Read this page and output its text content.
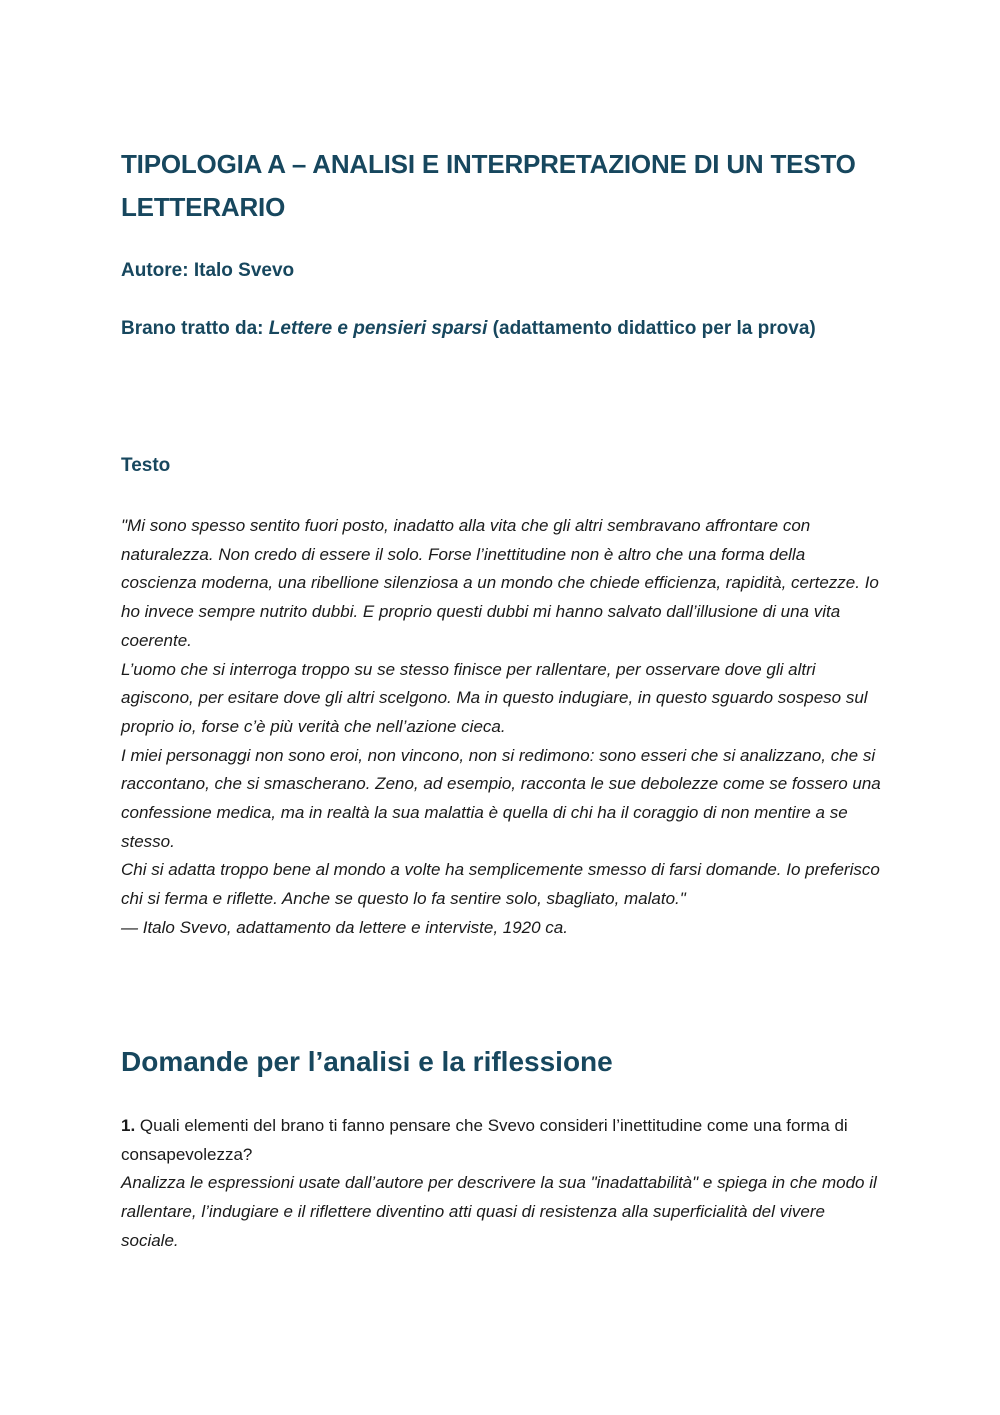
TIPOLOGIA A – ANALISI E INTERPRETAZIONE DI UN TESTO LETTERARIO

Autore: Italo Svevo

Brano tratto da: Lettere e pensieri sparsi (adattamento didattico per la prova)

Testo
"Mi sono spesso sentito fuori posto, inadatto alla vita che gli altri sembravano affrontare con naturalezza. Non credo di essere il solo. Forse l’inettitudine non è altro che una forma della coscienza moderna, una ribellione silenziosa a un mondo che chiede efficienza, rapidità, certezze. Io ho invece sempre nutrito dubbi. E proprio questi dubbi mi hanno salvato dall’illusione di una vita coerente.
L’uomo che si interroga troppo su se stesso finisce per rallentare, per osservare dove gli altri agiscono, per esitare dove gli altri scelgono. Ma in questo indugiare, in questo sguardo sospeso sul proprio io, forse c’è più verità che nell’azione cieca.
I miei personaggi non sono eroi, non vincono, non si redimono: sono esseri che si analizzano, che si raccontano, che si smascherano. Zeno, ad esempio, racconta le sue debolezze come se fossero una confessione medica, ma in realtà la sua malattia è quella di chi ha il coraggio di non mentire a se stesso.
Chi si adatta troppo bene al mondo a volte ha semplicemente smesso di farsi domande. Io preferisco chi si ferma e riflette. Anche se questo lo fa sentire solo, sbagliato, malato."
— Italo Svevo, adattamento da lettere e interviste, 1920 ca.
Domande per l’analisi e la riflessione
1. Quali elementi del brano ti fanno pensare che Svevo consideri l’inettitudine come una forma di consapevolezza?
Analizza le espressioni usate dall’autore per descrivere la sua "inadattabilità" e spiega in che modo il rallentare, l’indugiare e il riflettere diventino atti quasi di resistenza alla superficialità del vivere sociale.
